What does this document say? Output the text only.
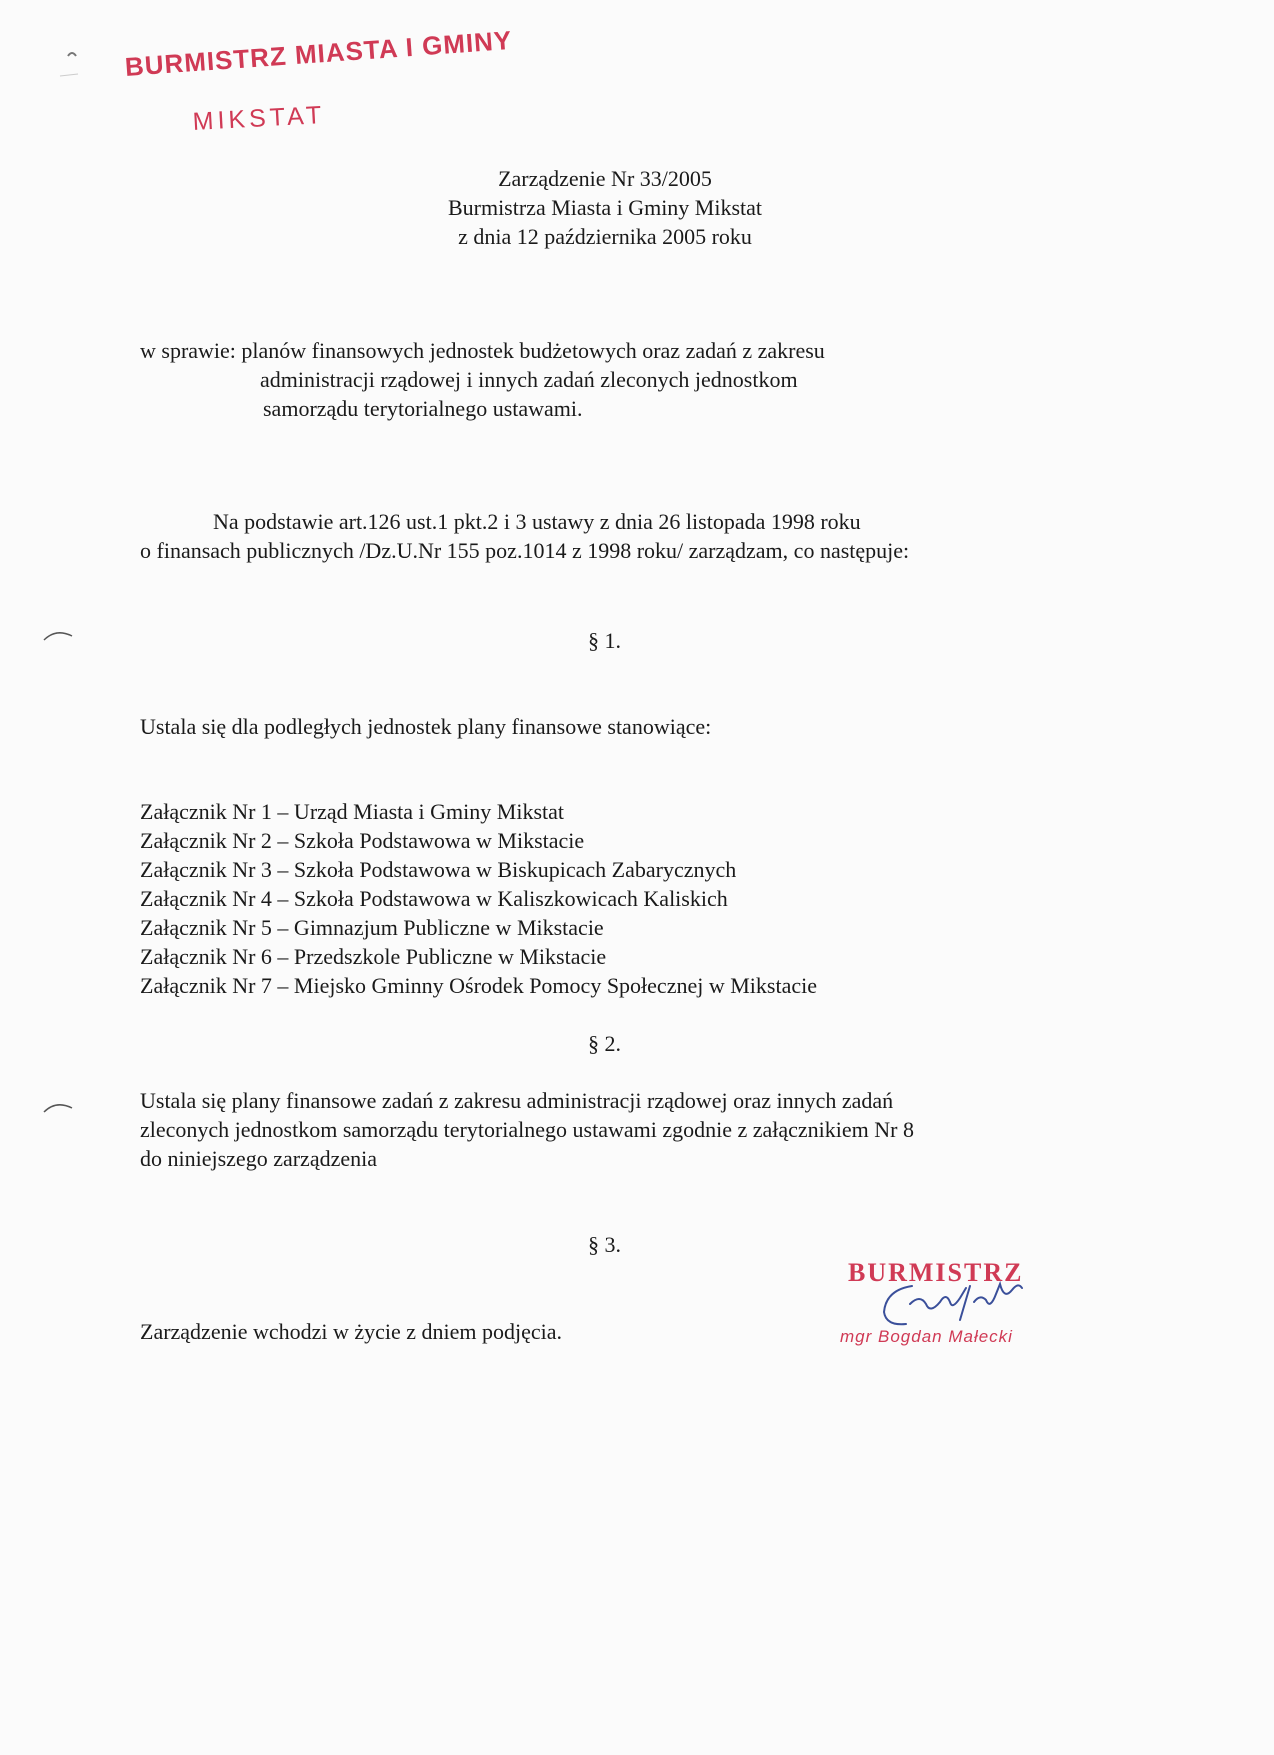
BURMISTRZ MIASTA I GMINY
MIKSTAT
Zarządzenie Nr 33/2005
Burmistrza Miasta i Gminy Mikstat
z dnia 12 października 2005 roku
w sprawie: planów finansowych jednostek budżetowych oraz zadań z zakresu
administracji rządowej i innych zadań zleconych jednostkom
samorządu terytorialnego ustawami.
Na podstawie art.126 ust.1 pkt.2 i 3 ustawy z dnia 26 listopada 1998 roku
o finansach publicznych /Dz.U.Nr 155 poz.1014 z 1998 roku/ zarządzam, co następuje:
§ 1.
Ustala się dla podległych jednostek plany finansowe stanowiące:
Załącznik Nr 1 – Urząd Miasta i Gminy Mikstat
Załącznik Nr 2 – Szkoła Podstawowa w Mikstacie
Załącznik Nr 3 – Szkoła Podstawowa w Biskupicach Zabarycznych
Załącznik Nr 4 – Szkoła Podstawowa w Kaliszkowicach Kaliskich
Załącznik Nr 5 – Gimnazjum Publiczne w Mikstacie
Załącznik Nr 6 – Przedszkole Publiczne w Mikstacie
Załącznik Nr 7 – Miejsko Gminny Ośrodek Pomocy Społecznej w Mikstacie
§ 2.
Ustala się plany finansowe zadań z zakresu administracji rządowej oraz innych zadań
zleconych jednostkom samorządu terytorialnego ustawami zgodnie z załącznikiem Nr 8
do niniejszego zarządzenia
§ 3.
Zarządzenie wchodzi w życie z dniem podjęcia.
BURMISTRZ
mgr Bogdan Małecki
